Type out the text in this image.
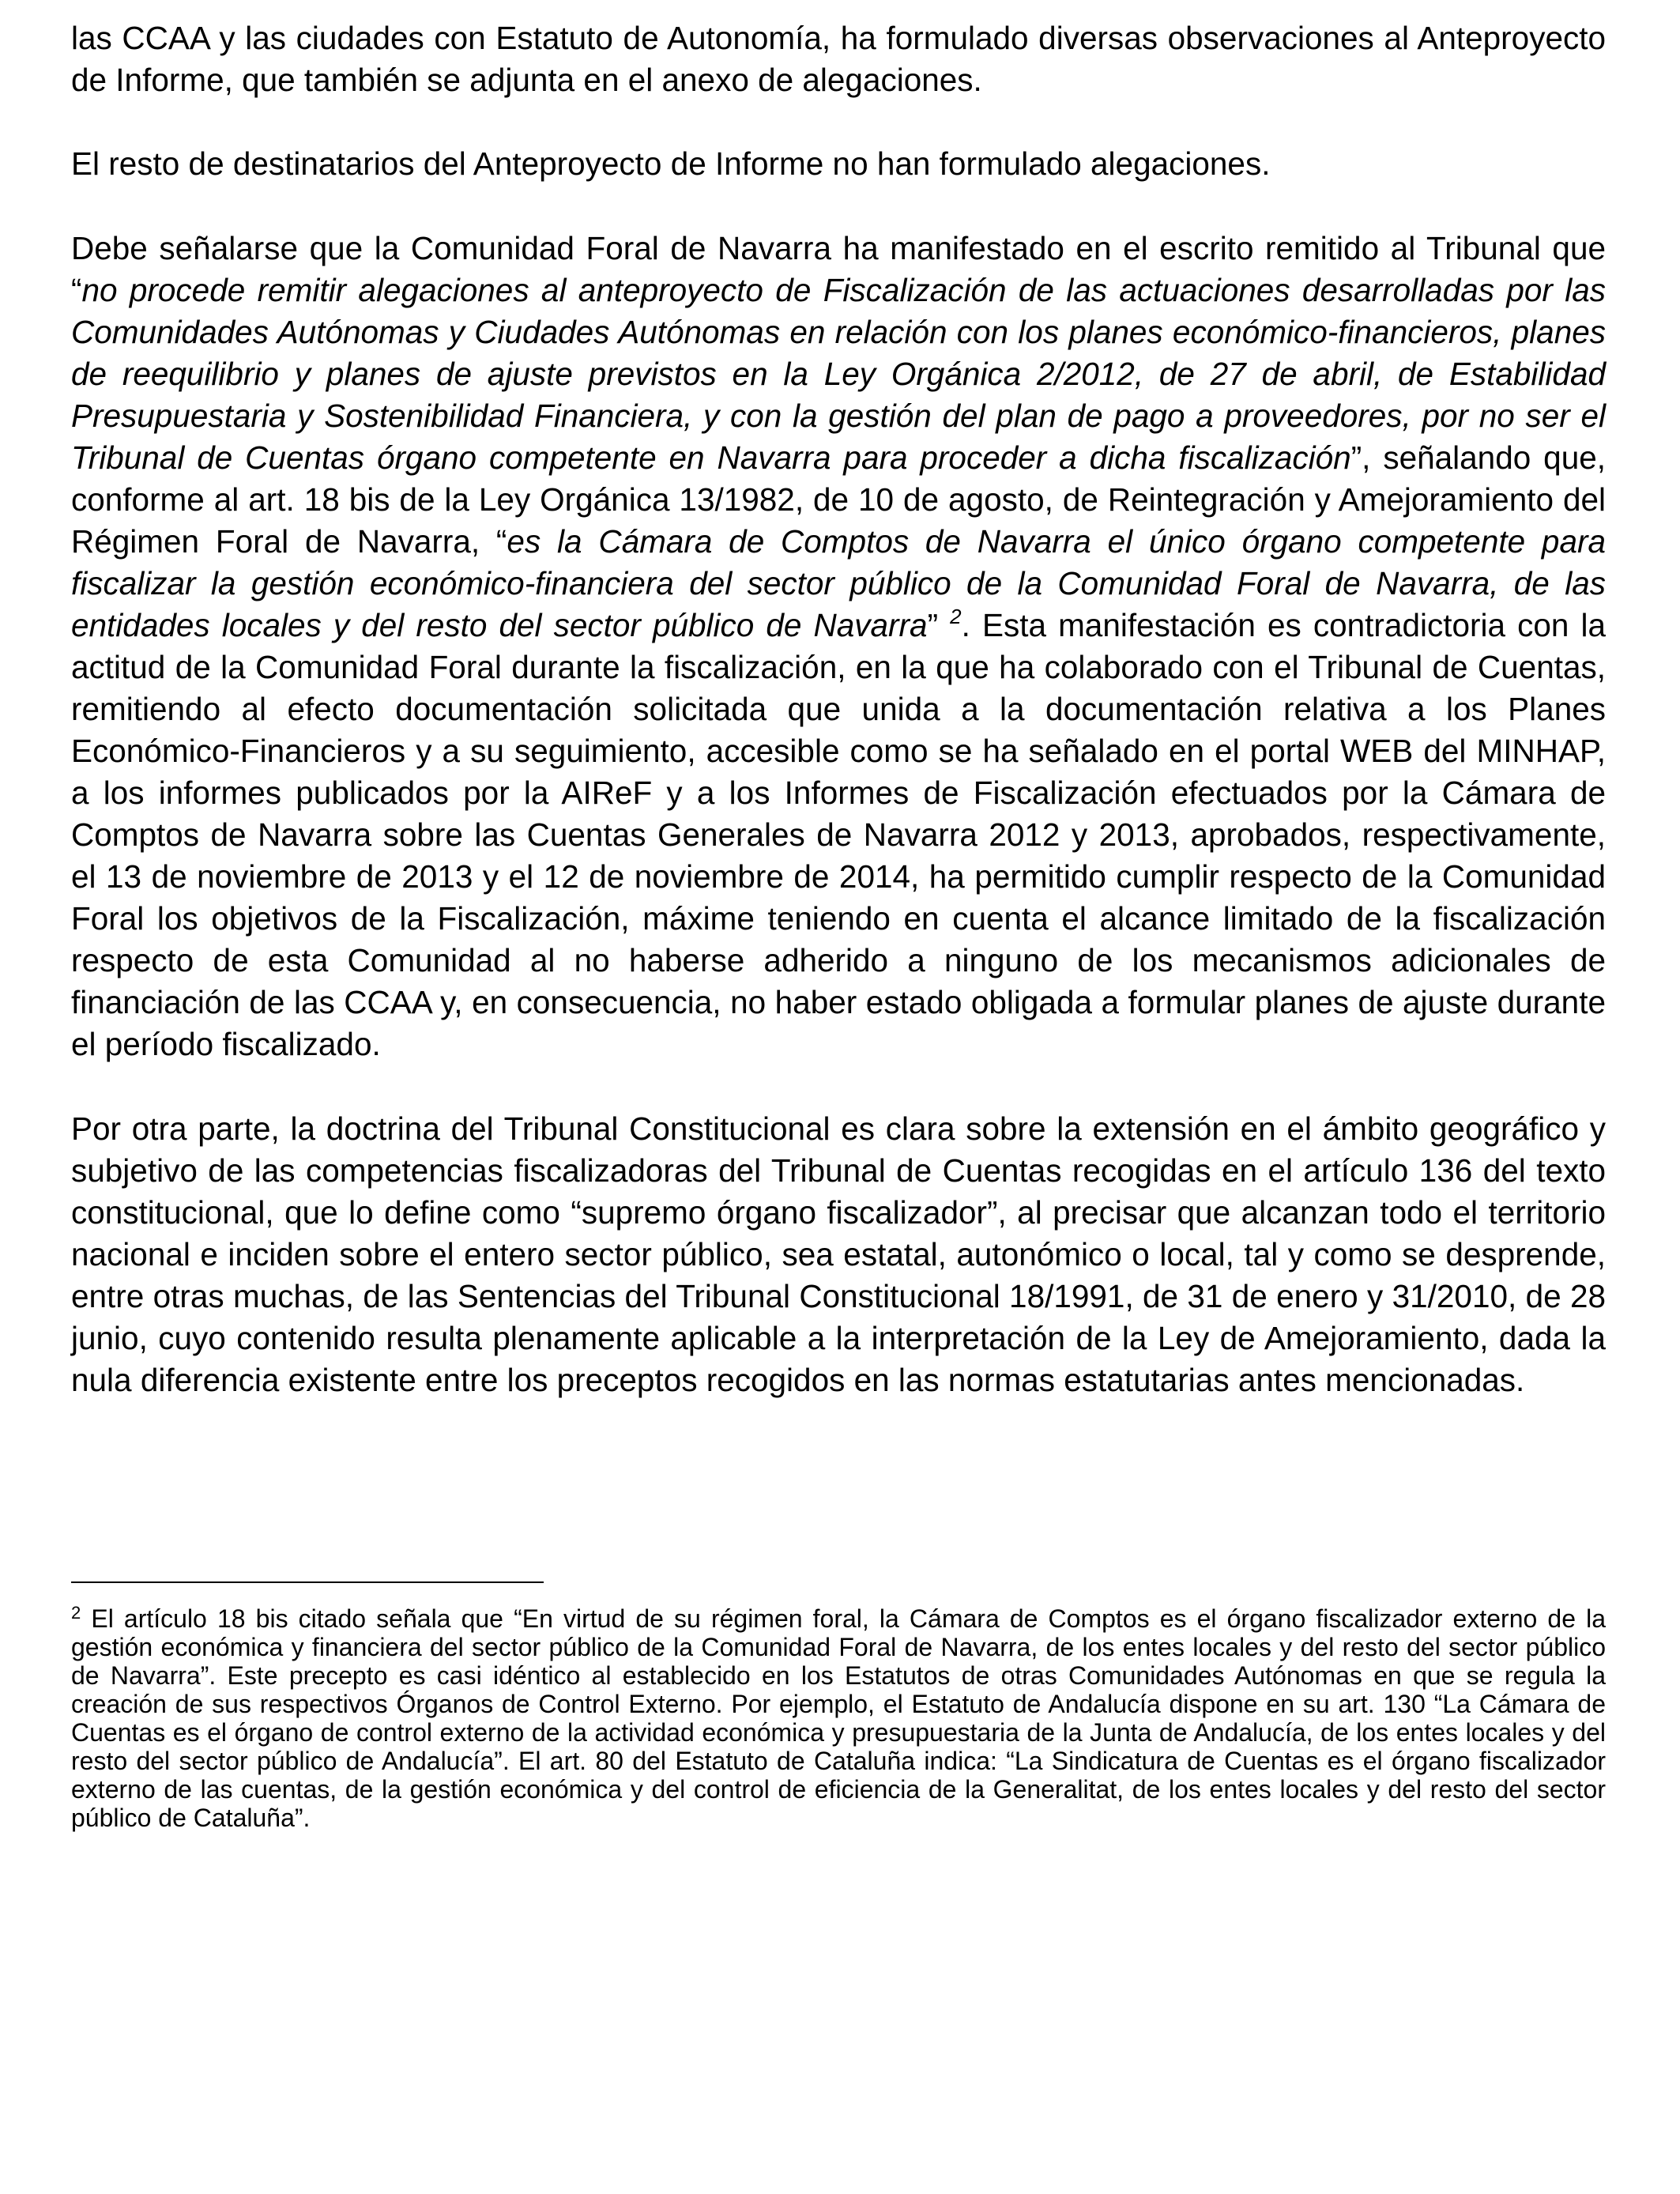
las CCAA y las ciudades con Estatuto de Autonomía, ha formulado diversas observaciones al Anteproyecto de Informe, que también se adjunta en el anexo de alegaciones.

El resto de destinatarios del Anteproyecto de Informe no han formulado alegaciones.

Debe señalarse que la Comunidad Foral de Navarra ha manifestado en el escrito remitido al Tribunal que “no procede remitir alegaciones al anteproyecto de Fiscalización de las actuaciones desarrolladas por las Comunidades Autónomas y Ciudades Autónomas en relación con los planes económico-financieros, planes de reequilibrio y planes de ajuste previstos en la Ley Orgánica 2/2012, de 27 de abril, de Estabilidad Presupuestaria y Sostenibilidad Financiera, y con la gestión del plan de pago a proveedores, por no ser el Tribunal de Cuentas órgano competente en Navarra para proceder a dicha fiscalización”, señalando que, conforme al art. 18 bis de la Ley Orgánica 13/1982, de 10 de agosto, de Reintegración y Amejoramiento del Régimen Foral de Navarra, “es la Cámara de Comptos de Navarra el único órgano competente para fiscalizar la gestión económico-financiera del sector público de la Comunidad Foral de Navarra, de las entidades locales y del resto del sector público de Navarra” $^2$. Esta manifestación es contradictoria con la actitud de la Comunidad Foral durante la fiscalización, en la que ha colaborado con el Tribunal de Cuentas, remitiendo al efecto documentación solicitada que unida a la documentación relativa a los Planes Económico-Financieros y a su seguimiento, accesible como se ha señalado en el portal WEB del MINHAP, a los informes publicados por la AIReF y a los Informes de Fiscalización efectuados por la Cámara de Comptos de Navarra sobre las Cuentas Generales de Navarra 2012 y 2013, aprobados, respectivamente, el 13 de noviembre de 2013 y el 12 de noviembre de 2014, ha permitido cumplir respecto de la Comunidad Foral los objetivos de la Fiscalización, máxime teniendo en cuenta el alcance limitado de la fiscalización respecto de esta Comunidad al no haberse adherido a ninguno de los mecanismos adicionales de financiación de las CCAA y, en consecuencia, no haber estado obligada a formular planes de ajuste durante el período fiscalizado.

Por otra parte, la doctrina del Tribunal Constitucional es clara sobre la extensión en el ámbito geográfico y subjetivo de las competencias fiscalizadoras del Tribunal de Cuentas recogidas en el artículo 136 del texto constitucional, que lo define como “supremo órgano fiscalizador”, al precisar que alcanzan todo el territorio nacional e inciden sobre el entero sector público, sea estatal, autonómico o local, tal y como se desprende, entre otras muchas, de las Sentencias del Tribunal Constitucional 18/1991, de 31 de enero y 31/2010, de 28 junio, cuyo contenido resulta plenamente aplicable a la interpretación de la Ley de Amejoramiento, dada la nula diferencia existente entre los preceptos recogidos en las normas estatutarias antes mencionadas.

$^2$ El artículo 18 bis citado señala que “En virtud de su régimen foral, la Cámara de Comptos es el órgano fiscalizador externo de la gestión económica y financiera del sector público de la Comunidad Foral de Navarra, de los entes locales y del resto del sector público de Navarra”. Este precepto es casi idéntico al establecido en los Estatutos de otras Comunidades Autónomas en que se regula la creación de sus respectivos Órganos de Control Externo. Por ejemplo, el Estatuto de Andalucía dispone en su art. 130 “La Cámara de Cuentas es el órgano de control externo de la actividad económica y presupuestaria de la Junta de Andalucía, de los entes locales y del resto del sector público de Andalucía”. El art. 80 del Estatuto de Cataluña indica: “La Sindicatura de Cuentas es el órgano fiscalizador externo de las cuentas, de la gestión económica y del control de eficiencia de la Generalitat, de los entes locales y del resto del sector público de Cataluña”.
